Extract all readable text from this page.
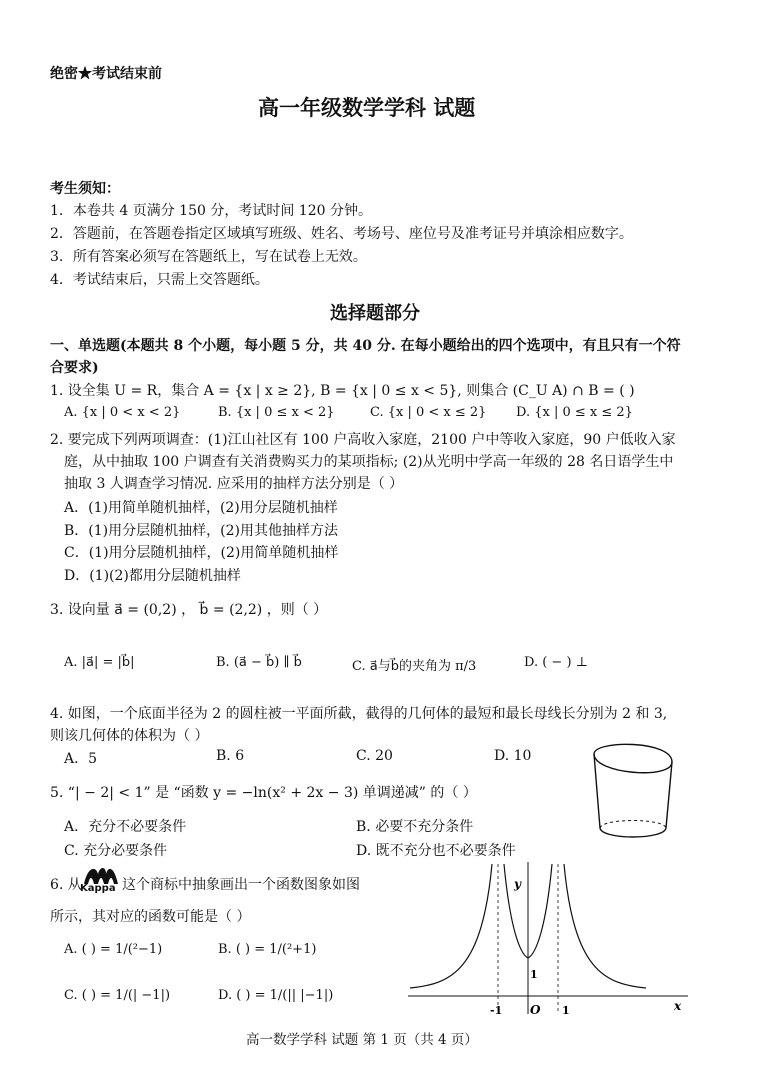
绝密★考试结束前
高一年级数学学科 试题
考生须知：
1．本卷共 4 页满分 150 分，考试时间 120 分钟。
2．答题前，在答题卷指定区域填写班级、姓名、考场号、座位号及准考证号并填涂相应数字。
3．所有答案必须写在答题纸上，写在试卷上无效。
4．考试结束后，只需上交答题纸。
选择题部分
一、单选题(本题共 8 个小题，每小题 5 分，共 40 分. 在每小题给出的四个选项中，有且只有一个符
合要求)
1. 设全集 U = R，集合 A = {x | x ≥ 2}, B = {x | 0 ≤ x < 5}, 则集合 (C_U A) ∩ B = ( )
A. {x | 0 < x < 2}	B. {x | 0 ≤ x < 2}	C. {x | 0 < x ≤ 2} D. {x | 0 ≤ x ≤ 2}
2. 要完成下列两项调查：(1)江山社区有 100 户高收入家庭，2100 户中等收入家庭，90 户低收入家
庭，从中抽取 100 户调查有关消费购买力的某项指标; (2)从光明中学高一年级的 28 名日语学生中
抽取 3 人调查学习情况. 应采用的抽样方法分别是（ ）
A．(1)用简单随机抽样，(2)用分层随机抽样
B．(1)用分层随机抽样，(2)用其他抽样方法
C．(1)用分层随机抽样，(2)用简单随机抽样
D．(1)(2)都用分层随机抽样
3. 设向量 a⃗ = (0,2) ， b⃗ = (2,2) ，则（ ）
A. |a⃗| = |b⃗|	B. (a⃗ − b⃗) ∥ b⃗	C. a⃗与b⃗的夹角为 π/3	D. ( − ) ⊥
4. 如图，一个底面半径为 2 的圆柱被一平面所截，截得的几何体的最短和最长母线长分别为 2 和 3,
则该几何体的体积为（ ）
A．5	B. 6	C. 20	D. 10
5. “| − 2| < 1” 是 “函数 y = −ln(x² + 2x − 3) 单调递减” 的（ ）
A．充分不必要条件	B. 必要不充分条件
C. 充分必要条件	D. 既不充分也不必要条件
6. 从
Kappa 这个商标中抽象画出一个函数图象如图
所示，其对应的函数可能是（ ）
A. ( ) = 1/(²−1)	B. ( ) = 1/(²+1)
C. ( ) = 1/(| −1|)	D. ( ) = 1/(|| |−1|)
y
x
O
-1	1
1
高一数学学科 试题 第 1 页（共 4 页）
